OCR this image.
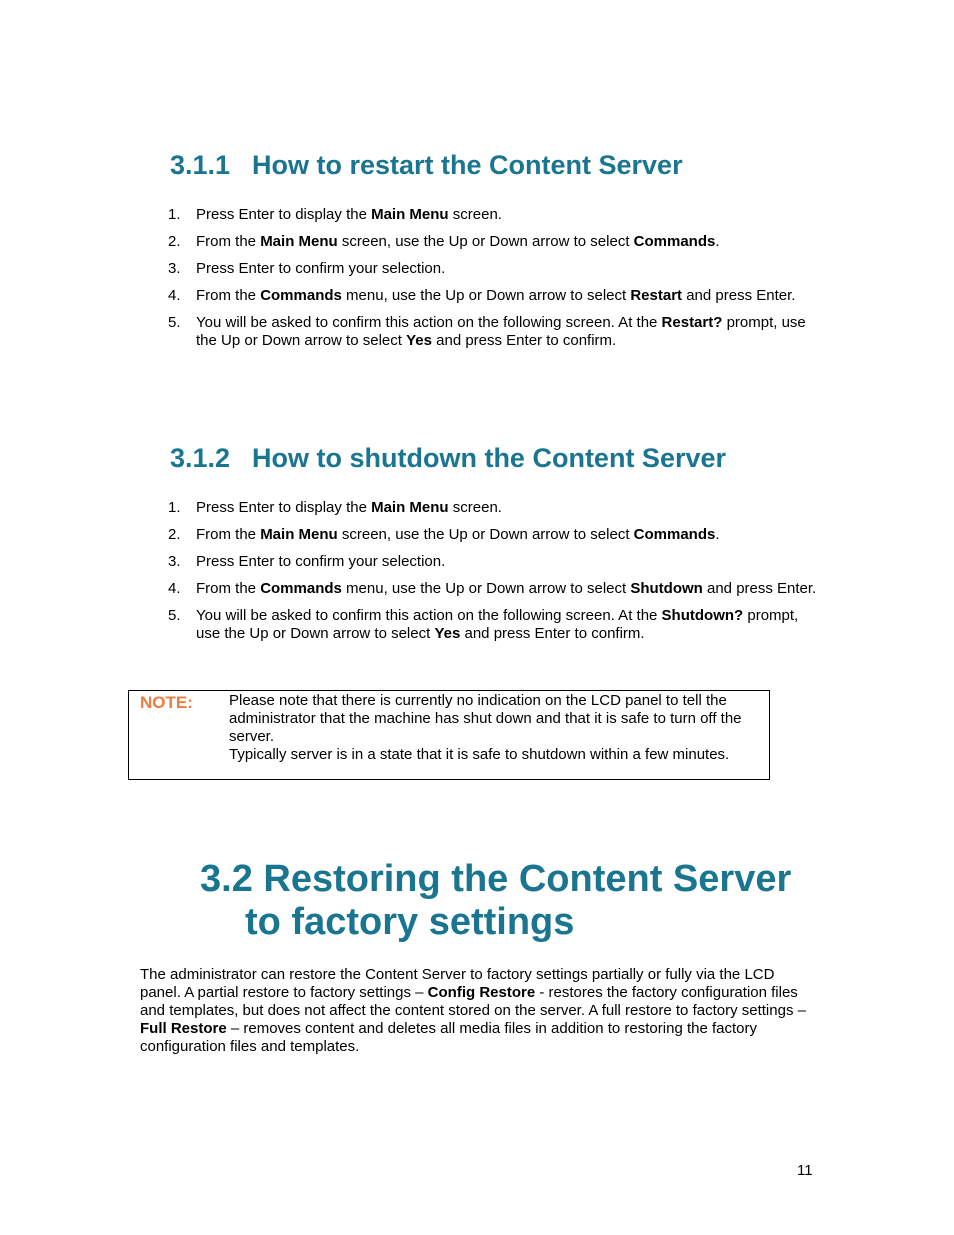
3.1.1 How to restart the Content Server
1. Press Enter to display the Main Menu screen.
2. From the Main Menu screen, use the Up or Down arrow to select Commands.
3. Press Enter to confirm your selection.
4. From the Commands menu, use the Up or Down arrow to select Restart and press Enter.
5. You will be asked to confirm this action on the following screen. At the Restart? prompt, use the Up or Down arrow to select Yes and press Enter to confirm.
3.1.2 How to shutdown the Content Server
1. Press Enter to display the Main Menu screen.
2. From the Main Menu screen, use the Up or Down arrow to select Commands.
3. Press Enter to confirm your selection.
4. From the Commands menu, use the Up or Down arrow to select Shutdown and press Enter.
5. You will be asked to confirm this action on the following screen. At the Shutdown? prompt, use the Up or Down arrow to select Yes and press Enter to confirm.
NOTE: Please note that there is currently no indication on the LCD panel to tell the administrator that the machine has shut down and that it is safe to turn off the server.

Typically server is in a state that it is safe to shutdown within a few minutes.

3.2 Restoring the Content Server
to factory settings

The administrator can restore the Content Server to factory settings partially or fully via the LCD panel. A partial restore to factory settings – Config Restore - restores the factory configuration files and templates, but does not affect the content stored on the server. A full restore to factory settings – Full Restore – removes content and deletes all media files in addition to restoring the factory configuration files and templates.

11
